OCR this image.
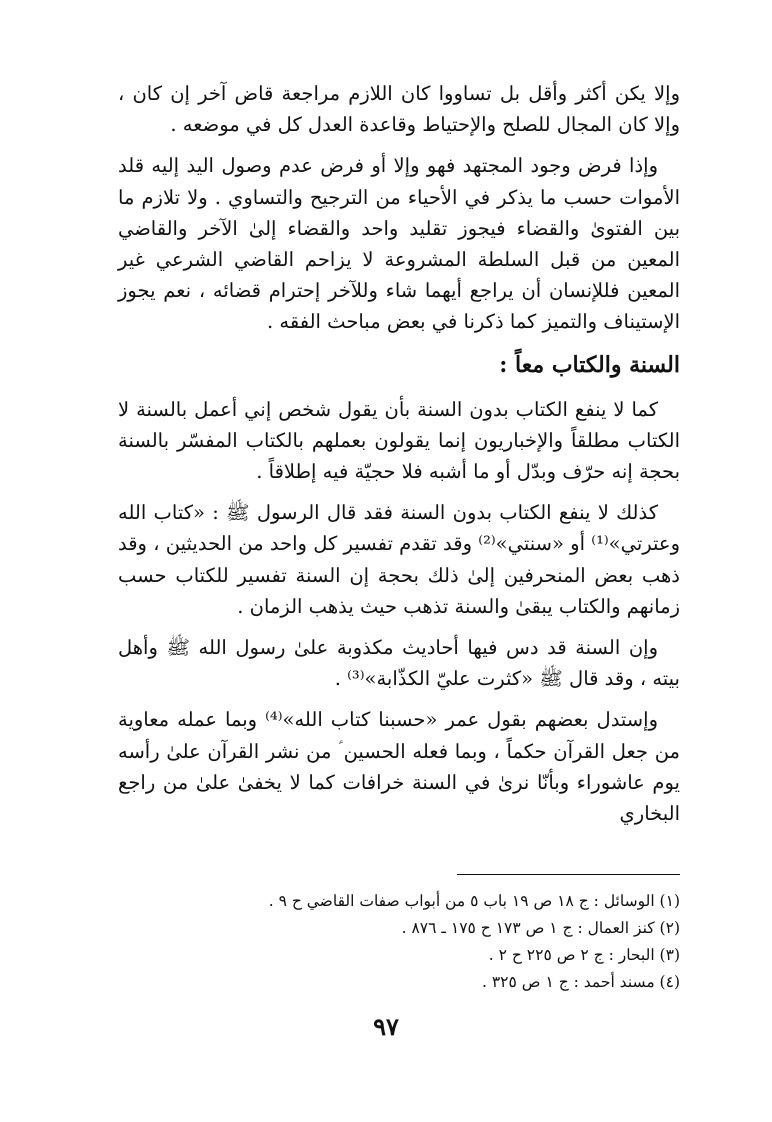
وإلا يكن أكثر وأقل بل تساووا كان اللازم مراجعة قاض آخر إن كان ، وإلا كان المجال للصلح والإحتياط وقاعدة العدل كل في موضعه .

وإذا فرض وجود المجتهد فهو وإلا أو فرض عدم وصول اليد إليه قلد الأموات حسب ما يذكر في الأحياء من الترجيح والتساوي . ولا تلازم ما بين الفتوىٰ والقضاء فيجوز تقليد واحد والقضاء إلىٰ الآخر والقاضي المعين من قبل السلطة المشروعة لا يزاحم القاضي الشرعي غير المعين فللإنسان أن يراجع أيهما شاء وللآخر إحترام قضائه ، نعم يجوز الإستيناف والتميز كما ذكرنا في بعض مباحث الفقه .

السنة والكتاب معاً :

كما لا ينفع الكتاب بدون السنة بأن يقول شخص إني أعمل بالسنة لا الكتاب مطلقاً والإخباريون إنما يقولون بعملهم بالكتاب المفسّر بالسنة بحجة إنه حرّف وبدّل أو ما أشبه فلا حجيّة فيه إطلاقاً .

كذلك لا ينفع الكتاب بدون السنة فقد قال الرسول ﷺ : «كتاب الله وعترتي»⁽¹⁾ أو «سنتي»⁽²⁾ وقد تقدم تفسير كل واحد من الحديثين ، وقد ذهب بعض المنحرفين إلىٰ ذلك بحجة إن السنة تفسير للكتاب حسب زمانهم والكتاب يبقىٰ والسنة تذهب حيث يذهب الزمان .

وإن السنة قد دس فيها أحاديث مكذوبة علىٰ رسول الله ﷺ وأهل بيته ، وقد قال ﷺ «كثرت عليّ الكذّابة»⁽³⁾ .

وإستدل بعضهم بقول عمر «حسبنا كتاب الله»⁽⁴⁾ وبما عمله معاوية من جعل القرآن حكماً ، وبما فعله الحسين ؑ من نشر القرآن علىٰ رأسه يوم عاشوراء وبأنّا نرىٰ في السنة خرافات كما لا يخفىٰ علىٰ من راجع البخاري

(١) الوسائل : ج ١٨ ص ١٩ باب ٥ من أبواب صفات القاضي ح ٩ .

(٢) كنز العمال : ج ١ ص ١٧٣ ح ١٧٥ ـ ٨٧٦ .

(٣) البحار : ج ٢ ص ٢٢٥ ح ٢ .

(٤) مسند أحمد : ج ١ ص ٣٢٥ .

٩٧
